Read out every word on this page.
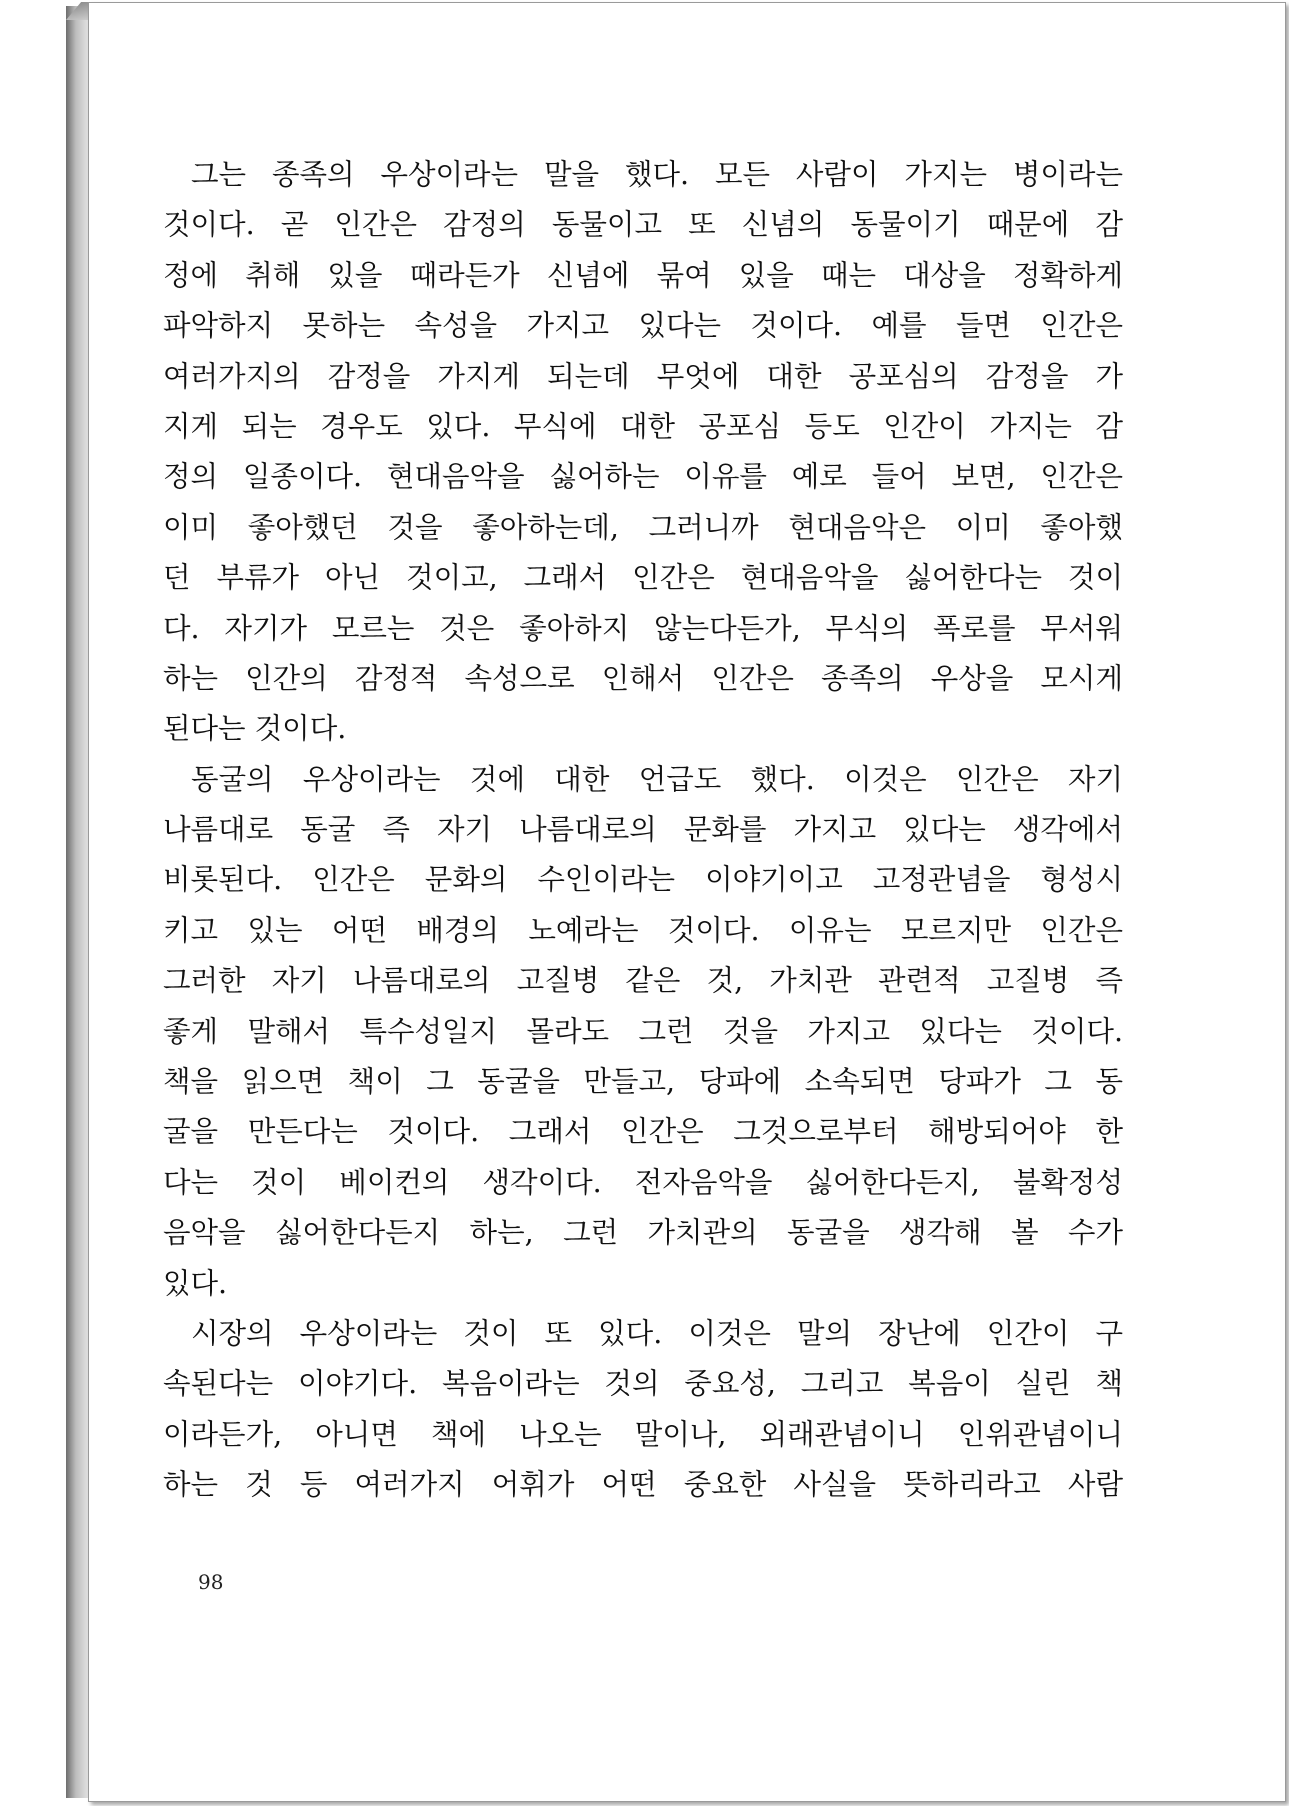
그는 종족의 우상이라는 말을 했다. 모든 사람이 가지는 병이라는
것이다. 곧 인간은 감정의 동물이고 또 신념의 동물이기 때문에 감
정에 취해 있을 때라든가 신념에 묶여 있을 때는 대상을 정확하게
파악하지 못하는 속성을 가지고 있다는 것이다. 예를 들면 인간은
여러가지의 감정을 가지게 되는데 무엇에 대한 공포심의 감정을 가
지게 되는 경우도 있다. 무식에 대한 공포심 등도 인간이 가지는 감
정의 일종이다. 현대음악을 싫어하는 이유를 예로 들어 보면, 인간은
이미 좋아했던 것을 좋아하는데, 그러니까 현대음악은 이미 좋아했
던 부류가 아닌 것이고, 그래서 인간은 현대음악을 싫어한다는 것이
다. 자기가 모르는 것은 좋아하지 않는다든가, 무식의 폭로를 무서워
하는 인간의 감정적 속성으로 인해서 인간은 종족의 우상을 모시게
된다는 것이다.
동굴의 우상이라는 것에 대한 언급도 했다. 이것은 인간은 자기
나름대로 동굴 즉 자기 나름대로의 문화를 가지고 있다는 생각에서
비롯된다. 인간은 문화의 수인이라는 이야기이고 고정관념을 형성시
키고 있는 어떤 배경의 노예라는 것이다. 이유는 모르지만 인간은
그러한 자기 나름대로의 고질병 같은 것, 가치관 관련적 고질병 즉
좋게 말해서 특수성일지 몰라도 그런 것을 가지고 있다는 것이다.
책을 읽으면 책이 그 동굴을 만들고, 당파에 소속되면 당파가 그 동
굴을 만든다는 것이다. 그래서 인간은 그것으로부터 해방되어야 한
다는 것이 베이컨의 생각이다. 전자음악을 싫어한다든지, 불확정성
음악을 싫어한다든지 하는, 그런 가치관의 동굴을 생각해 볼 수가
있다.
시장의 우상이라는 것이 또 있다. 이것은 말의 장난에 인간이 구
속된다는 이야기다. 복음이라는 것의 중요성, 그리고 복음이 실린 책
이라든가, 아니면 책에 나오는 말이나, 외래관념이니 인위관념이니
하는 것 등 여러가지 어휘가 어떤 중요한 사실을 뜻하리라고 사람
98
